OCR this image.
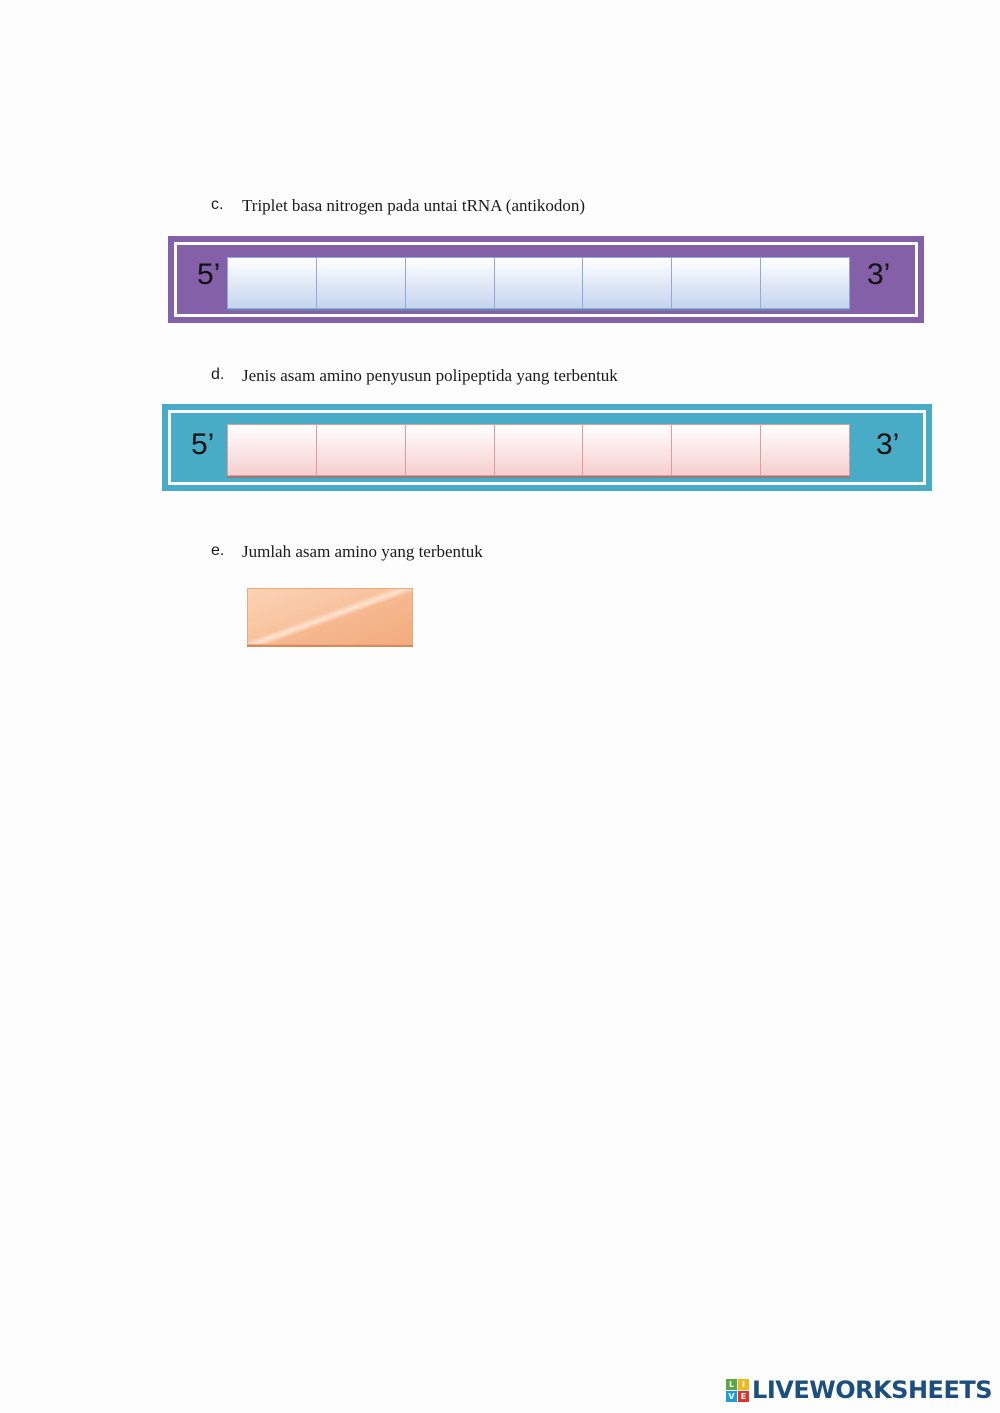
c. Triplet basa nitrogen pada untai tRNA (antikodon)
5’	3’
d. Jenis asam amino penyusun polipeptida yang terbentuk
5’	3’
e. Jumlah asam amino yang terbentuk
L I
V E LIVEWORKSHEETS
